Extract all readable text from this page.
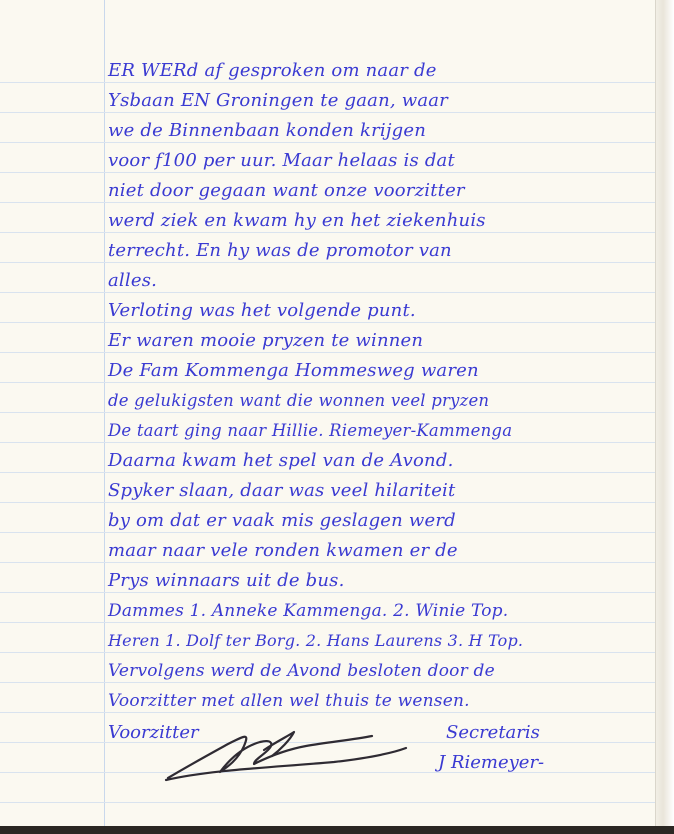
ER WERd af gesproken om naar de
Ysbaan EN Groningen te gaan, waar
we de Binnenbaan konden krijgen
voor f100 per uur. Maar helaas is dat
niet door gegaan want onze voorzitter
werd ziek en kwam hy en het ziekenhuis
terrecht. En hy was de promotor van
alles.
Verloting was het volgende punt.
Er waren mooie pryzen te winnen
De Fam Kommenga Hommesweg waren
de gelukigsten want die wonnen veel pryzen
De taart ging naar Hillie. Riemeyer-Kammenga
Daarna kwam het spel van de Avond.
Spyker slaan, daar was veel hilariteit
by om dat er vaak mis geslagen werd
maar naar vele ronden kwamen er de
Prys winnaars uit de bus.
Dammes 1. Anneke Kammenga. 2. Winie Top.
Heren 1. Dolf ter Borg. 2. Hans Laurens 3. H Top.
Vervolgens werd de Avond besloten door de
Voorzitter met allen wel thuis te wensen.
Voorzitter	Secretaris
J Riemeyer-
